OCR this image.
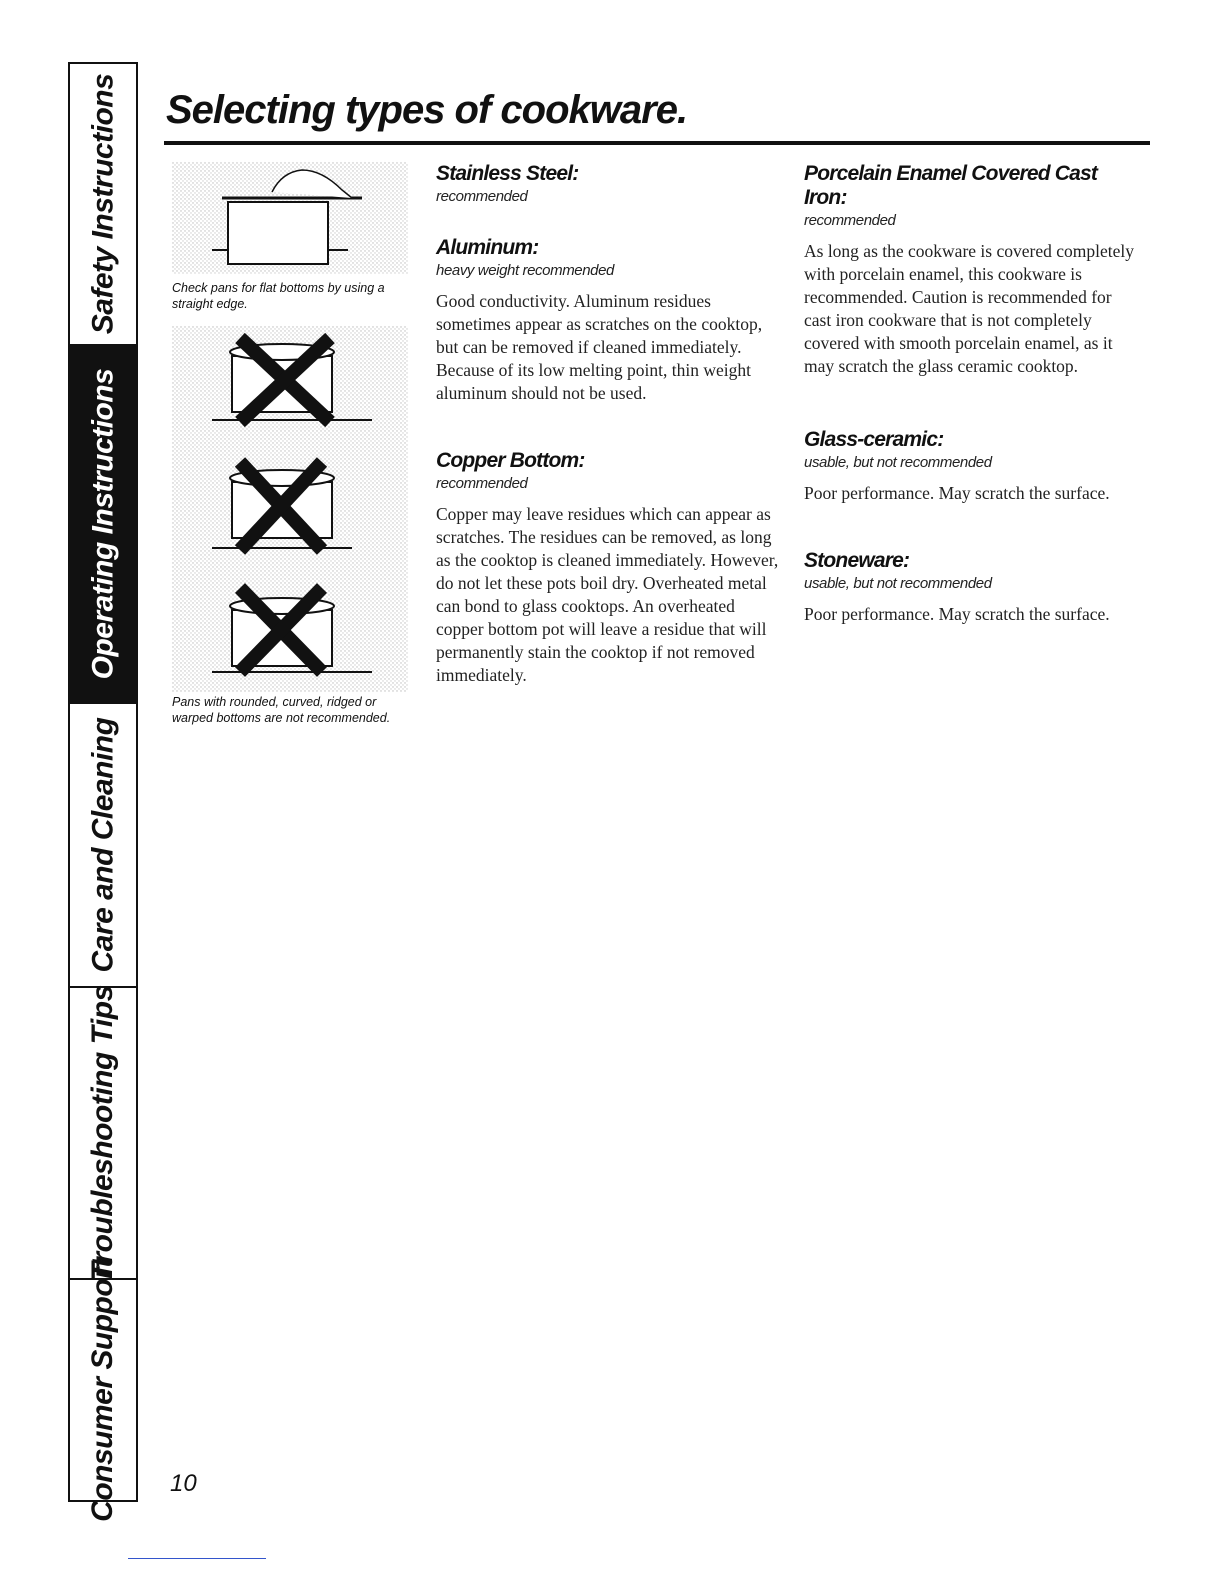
Safety Instructions
Operating Instructions
Care and Cleaning
Troubleshooting Tips
Consumer Support
Selecting types of cookware.
Check pans for flat bottoms by using a straight edge.
Pans with rounded, curved, ridged or warped bottoms are not recommended.

Stainless Steel:

recommended

Aluminum:

heavy weight recommended

Good conductivity. Aluminum residues sometimes appear as scratches on the cooktop, but can be removed if cleaned immediately. Because of its low melting point, thin weight aluminum should not be used.

Copper Bottom:

recommended

Copper may leave residues which can appear as scratches. The residues can be removed, as long as the cooktop is cleaned immediately. However, do not let these pots boil dry. Overheated metal can bond to glass cooktops. An overheated copper bottom pot will leave a residue that will permanently stain the cooktop if not removed immediately.

Porcelain Enamel Covered Cast Iron:

recommended

As long as the cookware is covered completely with porcelain enamel, this cookware is recommended. Caution is recommended for cast iron cookware that is not completely covered with smooth porcelain enamel, as it may scratch the glass ceramic cooktop.

Glass-ceramic:

usable, but not recommended

Poor performance. May scratch the surface.

Stoneware:

usable, but not recommended

Poor performance. May scratch the surface.

10
